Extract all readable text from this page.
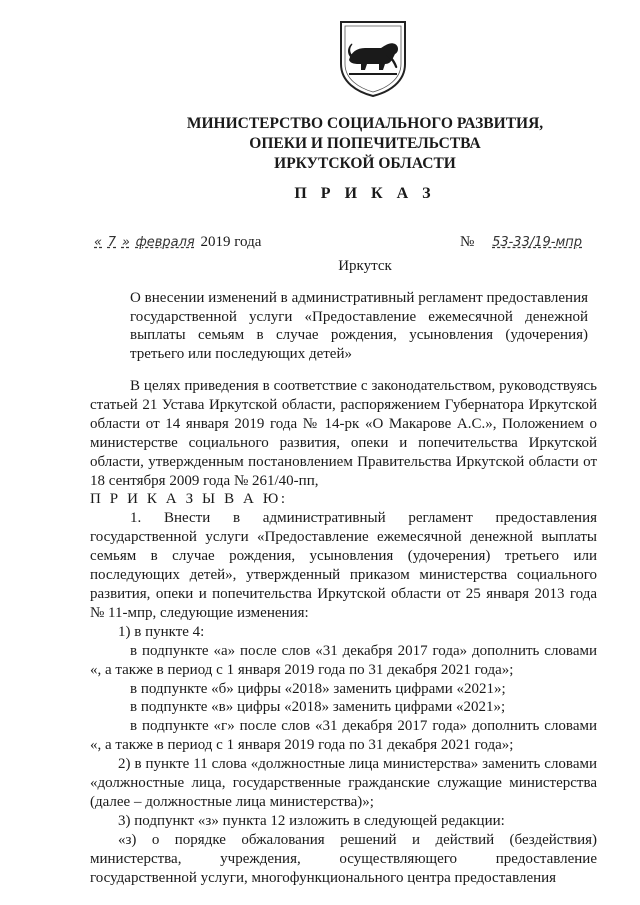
МИНИСТЕРСТВО СОЦИАЛЬНОГО РАЗВИТИЯ,
ОПЕКИ И ПОПЕЧИТЕЛЬСТВА
ИРКУТСКОЙ ОБЛАСТИ
П Р И К А З
« 7 » февраля 2019 года	№ 53-33/19-мпр
Иркутск
О внесении изменений в административный регламент предоставления государственной услуги «Предоставление ежемесячной денежной выплаты семьям в случае рождения, усыновления (удочерения) третьего или последующих детей»

В целях приведения в соответствие с законодательством, руководствуясь статьей 21 Устава Иркутской области, распоряжением Губернатора Иркутской области от 14 января 2019 года № 14-рк «О Макарове А.С.», Положением о министерстве социального развития, опеки и попечительства Иркутской области, утвержденным постановлением Правительства Иркутской области от 18 сентября 2009 года № 261/40-пп,

П Р И К А З Ы В А Ю:

1. Внести в административный регламент предоставления государственной услуги «Предоставление ежемесячной денежной выплаты семьям в случае рождения, усыновления (удочерения) третьего или последующих детей», утвержденный приказом министерства социального развития, опеки и попечительства Иркутской области от 25 января 2013 года № 11-мпр, следующие изменения:

1) в пункте 4:

в подпункте «а» после слов «31 декабря 2017 года» дополнить словами «, а также в период с 1 января 2019 года по 31 декабря 2021 года»;

в подпункте «б» цифры «2018» заменить цифрами «2021»;

в подпункте «в» цифры «2018» заменить цифрами «2021»;

в подпункте «г» после слов «31 декабря 2017 года» дополнить словами «, а также в период с 1 января 2019 года по 31 декабря 2021 года»;

2) в пункте 11 слова «должностные лица министерства» заменить словами «должностные лица, государственные гражданские служащие министерства (далее – должностные лица министерства)»;

3) подпункт «з» пункта 12 изложить в следующей редакции:

«з) о порядке обжалования решений и действий (бездействия) министерства, учреждения, осуществляющего предоставление государственной услуги, многофункционального центра предоставления
